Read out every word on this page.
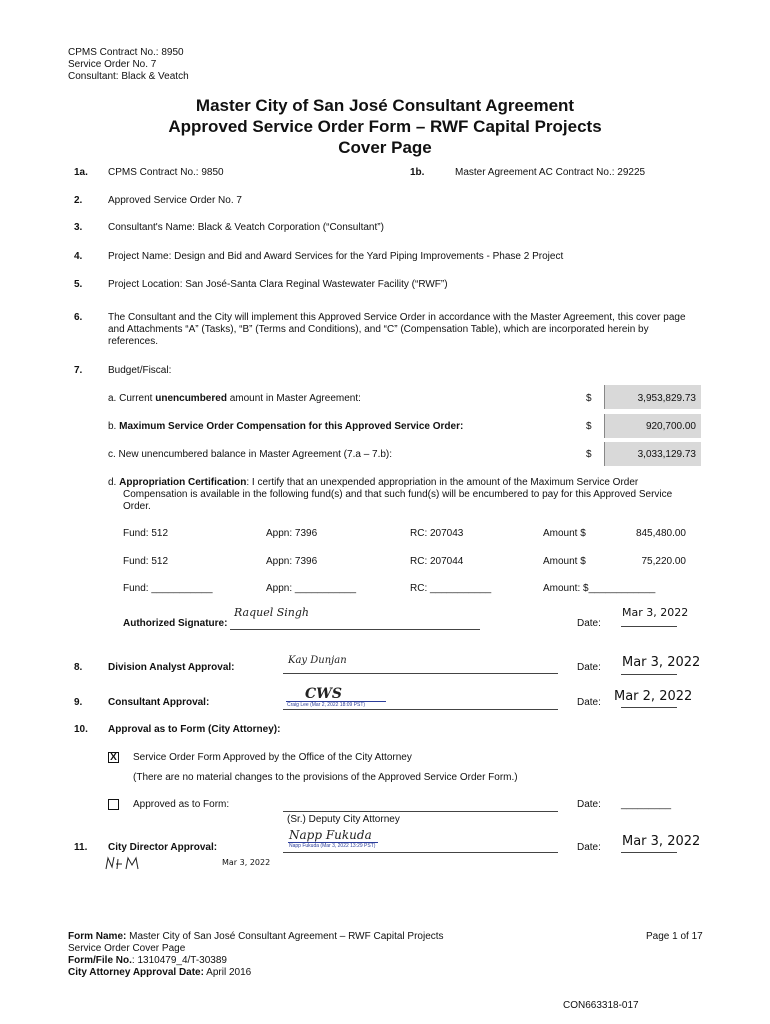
CPMS Contract No.: 8950
Service Order No. 7
Consultant: Black & Veatch
Master City of San José Consultant Agreement
Approved Service Order Form – RWF Capital Projects
Cover Page
1a. CPMS Contract No.: 9850	1b.	Master Agreement AC Contract No.: 29225
2.	Approved Service Order No. 7
3.	Consultant's Name: Black & Veatch Corporation (“Consultant”)
4.	Project Name: Design and Bid and Award Services for the Yard Piping Improvements - Phase 2 Project
5.	Project Location: San José-Santa Clara Reginal Wastewater Facility (“RWF”)
6.	The Consultant and the City will implement this Approved Service Order in accordance with the Master Agreement, this cover page
and Attachments “A” (Tasks), “B” (Terms and Conditions), and “C” (Compensation Table), which are incorporated herein by
references.
7.	Budget/Fiscal:
a. Current unencumbered amount in Master Agreement:	$	3,953,829.73
b. Maximum Service Order Compensation for this Approved Service Order:	$	920,700.00
c. New unencumbered balance in Master Agreement (7.a – 7.b):	$	3,033,129.73
d. Appropriation Certification: I certify that an unexpended appropriation in the amount of the Maximum Service Order
Compensation is available in the following fund(s) and that such fund(s) will be encumbered to pay for this Approved Service
Order.
Fund: 512	Appn: 7396	RC: 207043	Amount $	845,480.00
Fund: 512	Appn: 7396	RC: 207044	Amount $	75,220.00
Fund: ___________	Appn: ___________	RC: ___________	Amount: $____________
Authorized Signature:
Raquel Singh
Date:
Mar 3, 2022
8.	Division Analyst Approval:
Kay Dunjan
Date: Mar 3, 2022
9.	Consultant Approval:
CWS
Craig Lee (Mar 2, 2022 18:09 PST)	Date: Mar 2, 2022
10. Approval as to Form (City Attorney):
X Service Order Form Approved by the Office of the City Attorney
(There are no material changes to the provisions of the Approved Service Order Form.)
Approved as to Form:	Date: _________
(Sr.) Deputy City Attorney
11. City Director Approval:
Napp Fukuda
Napp Fukuda (Mar 3, 2022 13:29 PST)	Date: Mar 3, 2022
Mar 3, 2022
Form Name: Master City of San José Consultant Agreement – RWF Capital Projects
Service Order Cover Page
Form/File No.: 1310479_4/T-30389
City Attorney Approval Date: April 2016
Page 1 of 17
CON663318-017
